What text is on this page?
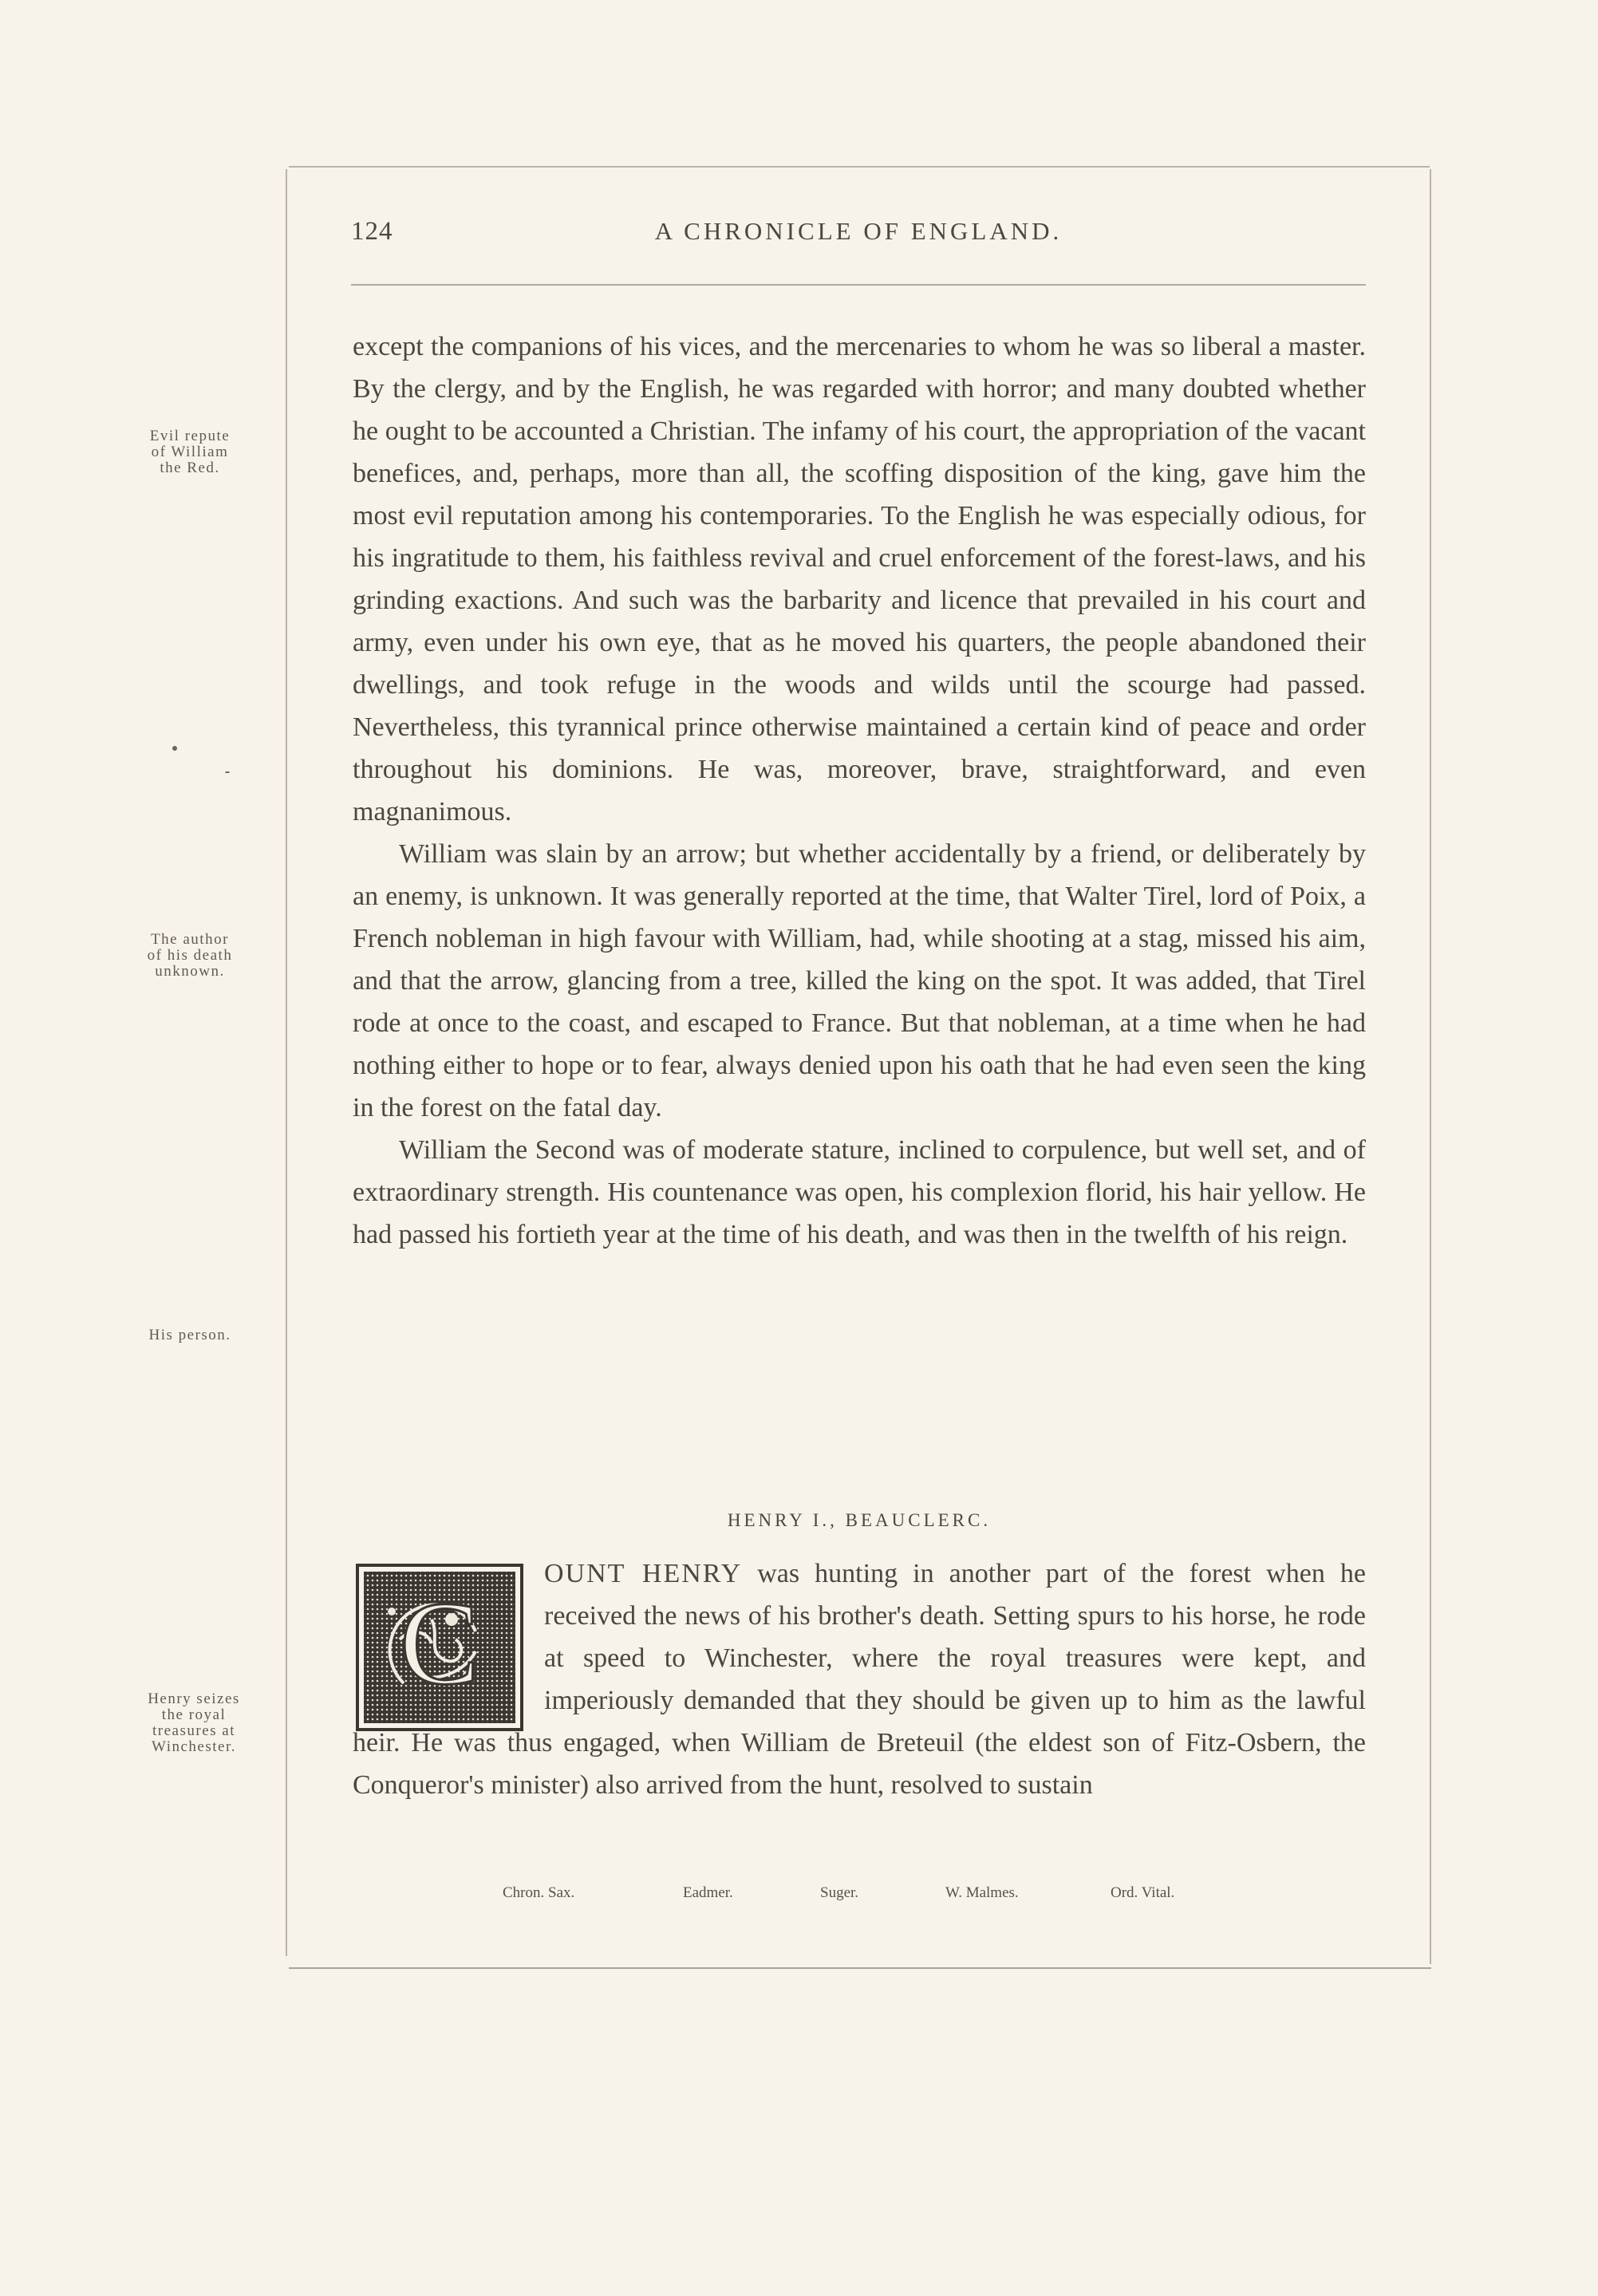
124	A CHRONICLE OF ENGLAND.
Evil repute
of William
the Red.
The author
of his death
unknown.
His person.
Henry seizes
the royal
treasures at
Winchester.

except the companions of his vices, and the mercenaries to whom he was so liberal a master. By the clergy, and by the English, he was regarded with horror; and many doubted whether he ought to be accounted a Christian. The infamy of his court, the appropriation of the vacant benefices, and, perhaps, more than all, the scoffing disposition of the king, gave him the most evil reputation among his contemporaries. To the English he was especially odious, for his ingratitude to them, his faithless revival and cruel enforcement of the forest-laws, and his grinding exactions. And such was the barbarity and licence that prevailed in his court and army, even under his own eye, that as he moved his quarters, the people abandoned their dwellings, and took refuge in the woods and wilds until the scourge had passed. Nevertheless, this tyrannical prince otherwise maintained a certain kind of peace and order throughout his dominions. He was, moreover, brave, straightforward, and even magnanimous.

William was slain by an arrow; but whether accidentally by a friend, or deliberately by an enemy, is unknown. It was generally reported at the time, that Walter Tirel, lord of Poix, a French nobleman in high favour with William, had, while shooting at a stag, missed his aim, and that the arrow, glancing from a tree, killed the king on the spot. It was added, that Tirel rode at once to the coast, and escaped to France. But that nobleman, at a time when he had nothing either to hope or to fear, always denied upon his oath that he had even seen the king in the forest on the fatal day.

William the Second was of moderate stature, inclined to corpulence, but well set, and of extraordinary strength. His countenance was open, his complexion florid, his hair yellow. He had passed his fortieth year at the time of his death, and was then in the twelfth of his reign.

HENRY I., BEAUCLERC.
C
OUNT HENRY was hunting in another part of the forest when he received the news of his brother's death. Setting spurs to his horse, he rode at speed to Winchester, where the royal treasures were kept, and imperiously demanded that they should be given up to him as the lawful heir. He was thus engaged, when William de Breteuil (the eldest son of Fitz-Osbern, the Conqueror's minister) also arrived from the hunt, resolved to sustain
Chron. Sax.	Eadmer.	Suger.	W. Malmes.	Ord. Vital.
